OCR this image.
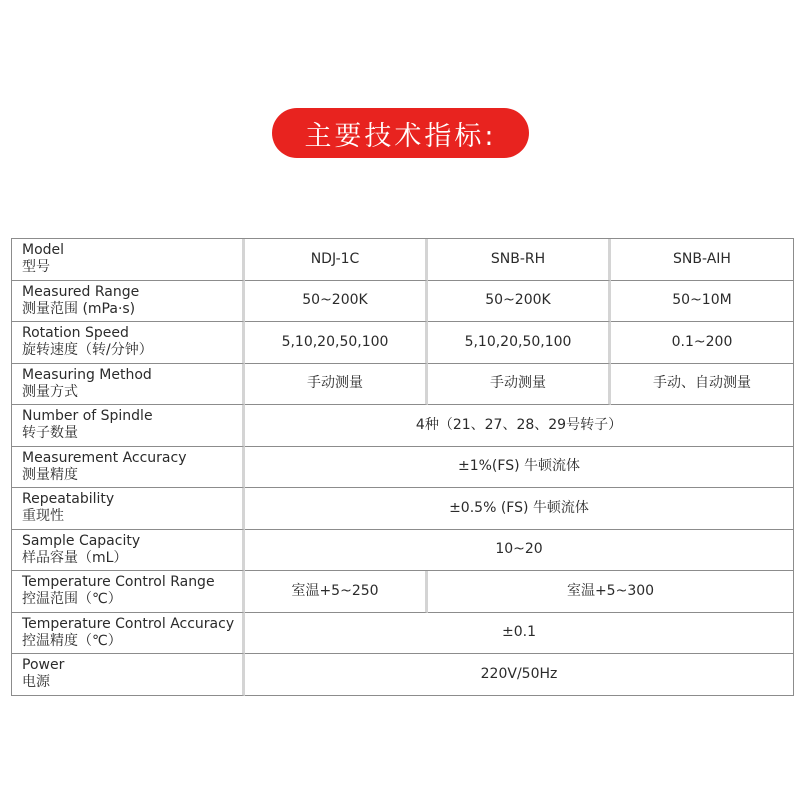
主要技术指标:
Model
型号	NDJ-1C	SNB-RH	SNB-AIH

Measured Range
测量范围 (mPa·s)	50~200K	50~200K	50~10M

Rotation Speed
旋转速度（转/分钟）	5,10,20,50,100	5,10,20,50,100	0.1~200

Measuring Method
测量方式	手动测量	手动测量	手动、自动测量

Number of Spindle
转子数量	4种（21、27、28、29号转子）		

Measurement Accuracy
测量精度	±1%(FS) 牛顿流体		

Repeatability
重现性	±0.5% (FS) 牛顿流体		

Sample Capacity
样品容量（mL）	10~20		

Temperature Control Range
控温范围（℃）	室温+5~250	室温+5~300	

Temperature Control Accuracy
控温精度（℃）	±0.1		

Power
电源	220V/50Hz		
